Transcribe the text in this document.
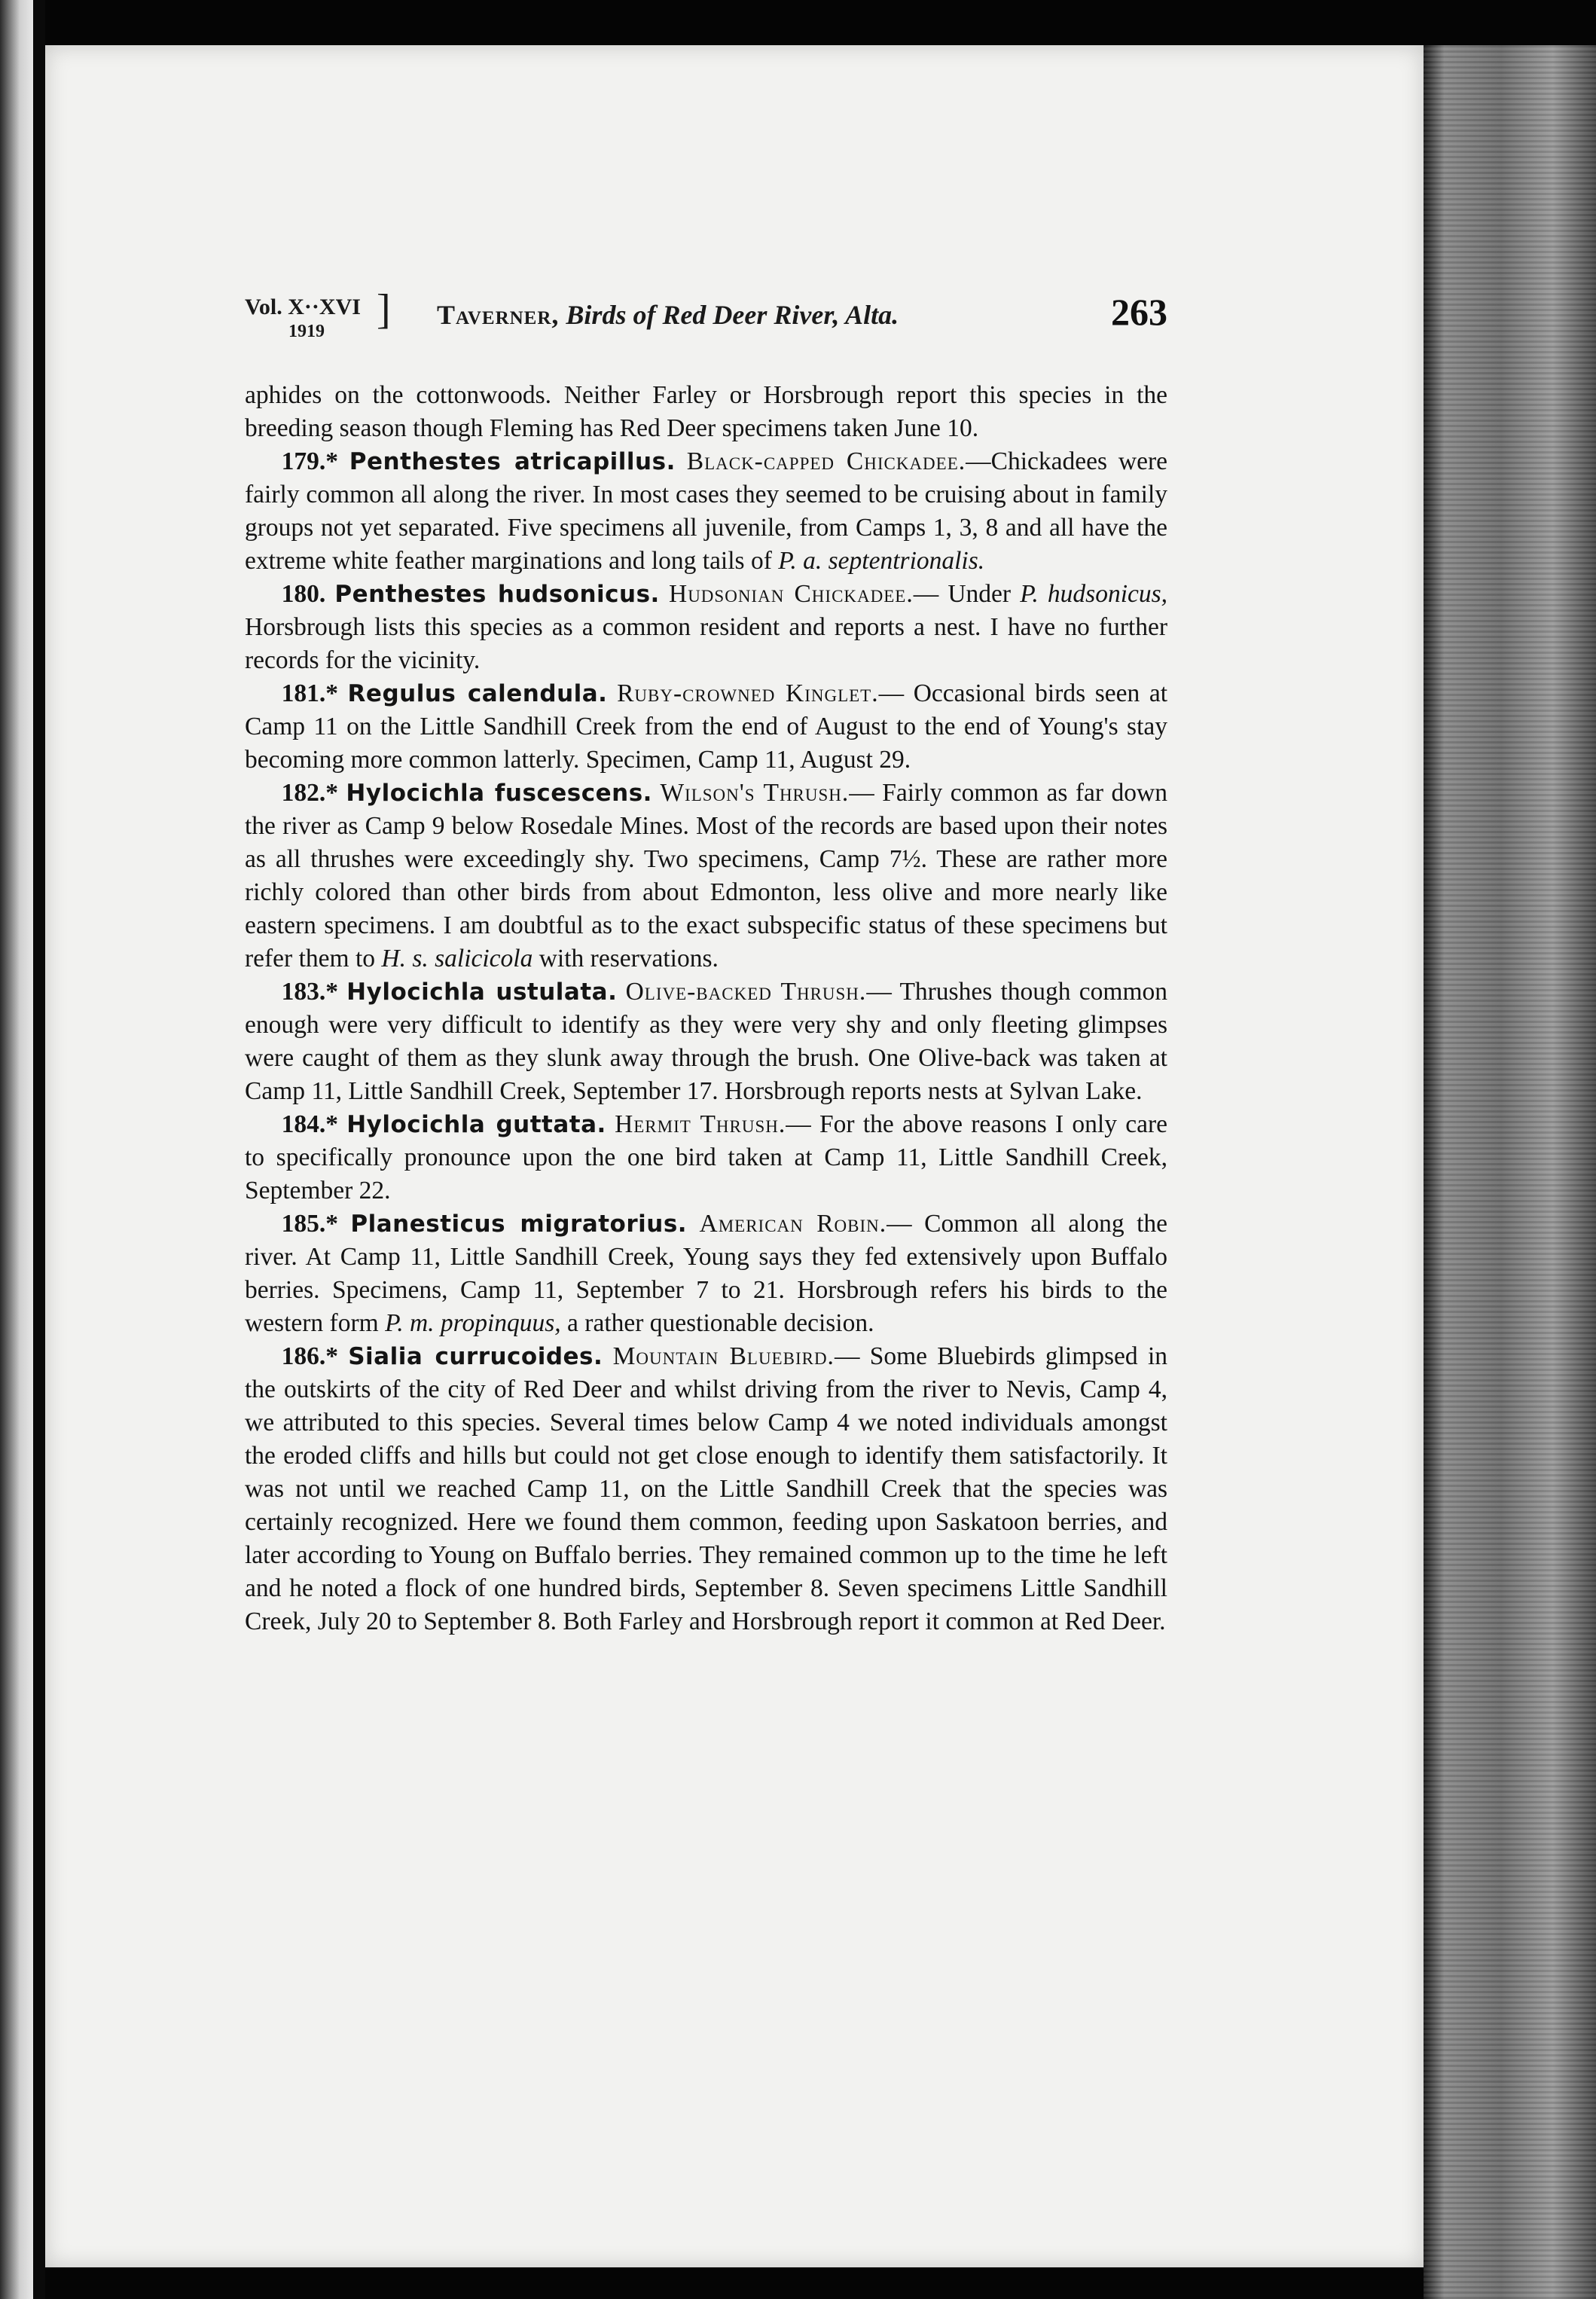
Vol. X··XVI
1919 ] Taverner, Birds of Red Deer River, Alta.	263

aphides on the cottonwoods. Neither Farley or Horsbrough report this species in the breeding season though Fleming has Red Deer specimens taken June 10.

179.* Penthestes atricapillus. Black-capped Chickadee.—Chickadees were fairly common all along the river. In most cases they seemed to be cruising about in family groups not yet separated. Five specimens all juvenile, from Camps 1, 3, 8 and all have the extreme white feather marginations and long tails of P. a. septentrionalis.

180. Penthestes hudsonicus. Hudsonian Chickadee.— Under P. hudsonicus, Horsbrough lists this species as a common resident and reports a nest. I have no further records for the vicinity.

181.* Regulus calendula. Ruby-crowned Kinglet.— Occasional birds seen at Camp 11 on the Little Sandhill Creek from the end of August to the end of Young's stay becoming more common latterly. Specimen, Camp 11, August 29.

182.* Hylocichla fuscescens. Wilson's Thrush.— Fairly common as far down the river as Camp 9 below Rosedale Mines. Most of the records are based upon their notes as all thrushes were exceedingly shy. Two specimens, Camp 7½. These are rather more richly colored than other birds from about Edmonton, less olive and more nearly like eastern specimens. I am doubtful as to the exact subspecific status of these specimens but refer them to H. s. salicicola with reservations.

183.* Hylocichla ustulata. Olive-backed Thrush.— Thrushes though common enough were very difficult to identify as they were very shy and only fleeting glimpses were caught of them as they slunk away through the brush. One Olive-back was taken at Camp 11, Little Sandhill Creek, September 17. Horsbrough reports nests at Sylvan Lake.

184.* Hylocichla guttata. Hermit Thrush.— For the above reasons I only care to specifically pronounce upon the one bird taken at Camp 11, Little Sandhill Creek, September 22.

185.* Planesticus migratorius. American Robin.— Common all along the river. At Camp 11, Little Sandhill Creek, Young says they fed extensively upon Buffalo berries. Specimens, Camp 11, September 7 to 21. Horsbrough refers his birds to the western form P. m. propinquus, a rather questionable decision.

186.* Sialia currucoides. Mountain Bluebird.— Some Bluebirds glimpsed in the outskirts of the city of Red Deer and whilst driving from the river to Nevis, Camp 4, we attributed to this species. Several times below Camp 4 we noted individuals amongst the eroded cliffs and hills but could not get close enough to identify them satisfactorily. It was not until we reached Camp 11, on the Little Sandhill Creek that the species was certainly recognized. Here we found them common, feeding upon Saskatoon berries, and later according to Young on Buffalo berries. They remained common up to the time he left and he noted a flock of one hundred birds, September 8. Seven specimens Little Sandhill Creek, July 20 to September 8. Both Farley and Horsbrough report it common at Red Deer.
